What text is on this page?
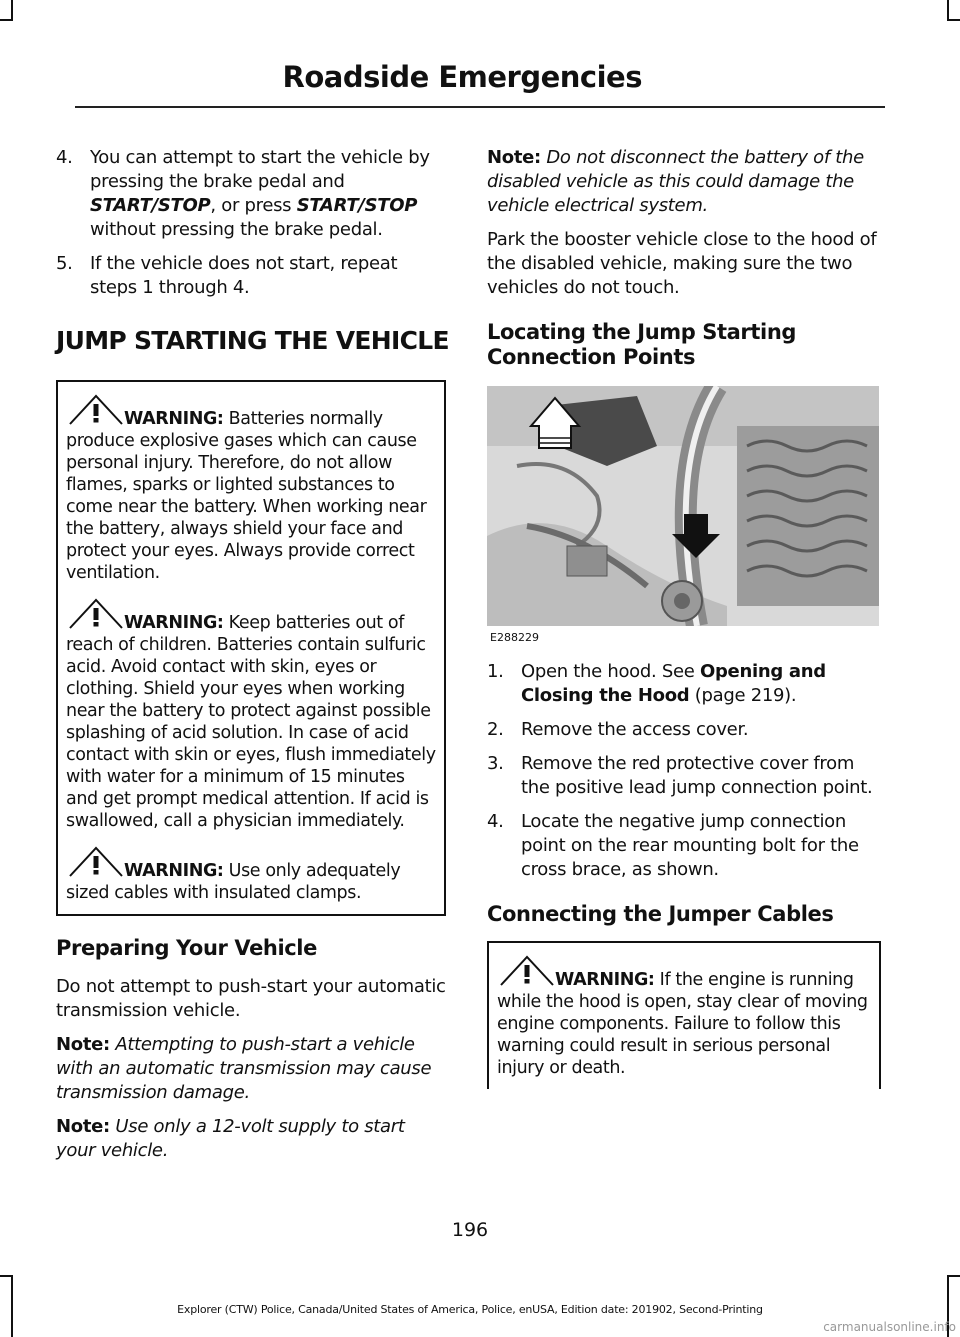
Roadside Emergencies
4. You can attempt to start the vehicle by pressing the brake pedal and START/STOP, or press START/STOP without pressing the brake pedal.
5. If the vehicle does not start, repeat steps 1 through 4.
JUMP STARTING THE VEHICLE
WARNING: Batteries normally produce explosive gases which can cause personal injury. Therefore, do not allow flames, sparks or lighted substances to come near the battery. When working near the battery, always shield your face and protect your eyes. Always provide correct ventilation.
WARNING: Keep batteries out of reach of children. Batteries contain sulfuric acid. Avoid contact with skin, eyes or clothing. Shield your eyes when working near the battery to protect against possible splashing of acid solution. In case of acid contact with skin or eyes, flush immediately with water for a minimum of 15 minutes and get prompt medical attention. If acid is swallowed, call a physician immediately.
WARNING: Use only adequately sized cables with insulated clamps.
Preparing Your Vehicle

Do not attempt to push-start your automatic transmission vehicle.

Note: Attempting to push-start a vehicle with an automatic transmission may cause transmission damage.

Note: Use only a 12-volt supply to start your vehicle.

Note: Do not disconnect the battery of the disabled vehicle as this could damage the vehicle electrical system.

Park the booster vehicle close to the hood of the disabled vehicle, making sure the two vehicles do not touch.

Locating the Jump Starting Connection Points
E288229
1. Open the hood. See Opening and Closing the Hood (page 219).
2. Remove the access cover.
3. Remove the red protective cover from the positive lead jump connection point.
4. Locate the negative jump connection point on the rear mounting bolt for the cross brace, as shown.
Connecting the Jumper Cables
WARNING: If the engine is running while the hood is open, stay clear of moving engine components. Failure to follow this warning could result in serious personal injury or death.
196
Explorer (CTW) Police, Canada/United States of America, Police, enUSA, Edition date: 201902, Second-Printing
carmanualsonline.info
